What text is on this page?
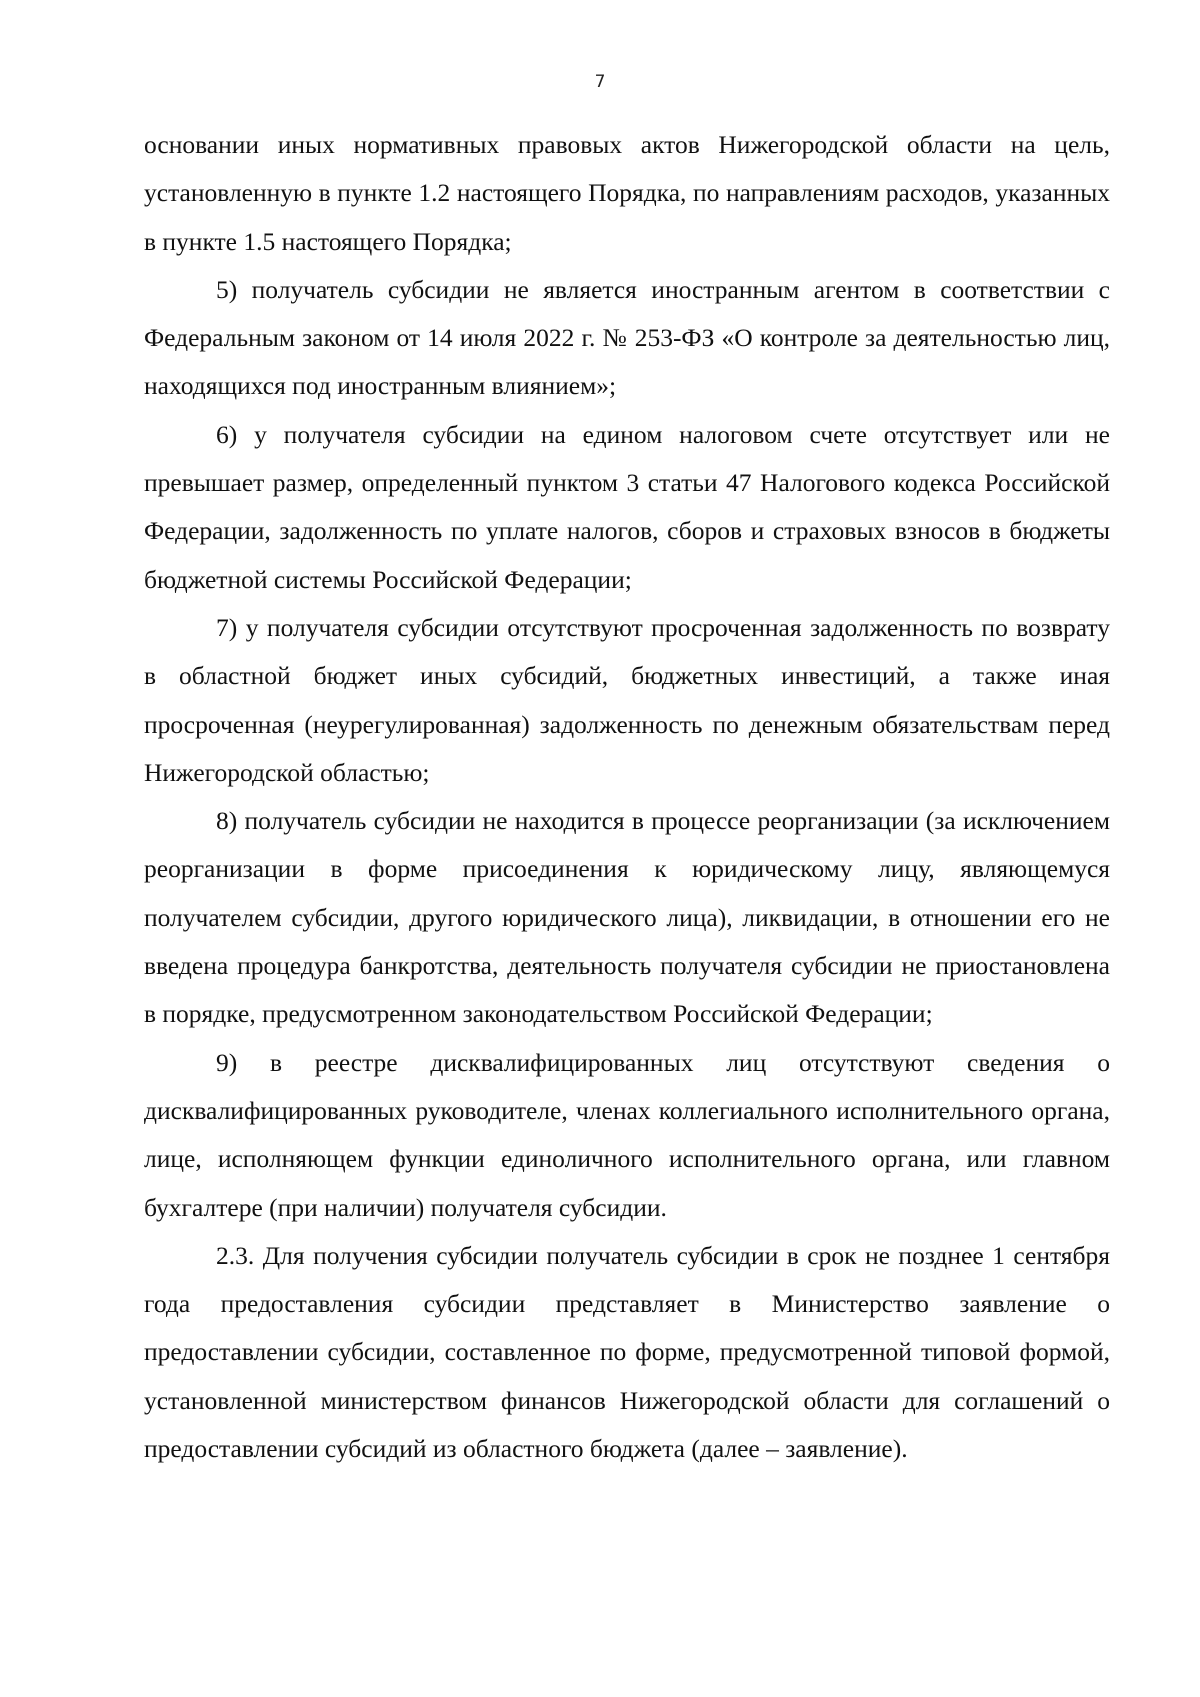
7

основании иных нормативных правовых актов Нижегородской области на цель, установленную в пункте 1.2 настоящего Порядка, по направлениям расходов, указанных в пункте 1.5 настоящего Порядка;

5) получатель субсидии не является иностранным агентом в соответствии с Федеральным законом от 14 июля 2022 г. № 253-ФЗ «О контроле за деятельностью лиц, находящихся под иностранным влиянием»;

6) у получателя субсидии на едином налоговом счете отсутствует или не превышает размер, определенный пунктом 3 статьи 47 Налогового кодекса Российской Федерации, задолженность по уплате налогов, сборов и страховых взносов в бюджеты бюджетной системы Российской Федерации;

7) у получателя субсидии отсутствуют просроченная задолженность по возврату в областной бюджет иных субсидий, бюджетных инвестиций, а также иная просроченная (неурегулированная) задолженность по денежным обязательствам перед Нижегородской областью;

8) получатель субсидии не находится в процессе реорганизации (за исключением реорганизации в форме присоединения к юридическому лицу, являющемуся получателем субсидии, другого юридического лица), ликвидации, в отношении его не введена процедура банкротства, деятельность получателя субсидии не приостановлена в порядке, предусмотренном законодательством Российской Федерации;

9) в реестре дисквалифицированных лиц отсутствуют сведения о дисквалифицированных руководителе, членах коллегиального исполнительного органа, лице, исполняющем функции единоличного исполнительного органа, или главном бухгалтере (при наличии) получателя субсидии.

2.3. Для получения субсидии получатель субсидии в срок не позднее 1 сентября года предоставления субсидии представляет в Министерство заявление о предоставлении субсидии, составленное по форме, предусмотренной типовой формой, установленной министерством финансов Нижегородской области для соглашений о предоставлении субсидий из областного бюджета (далее – заявление).
